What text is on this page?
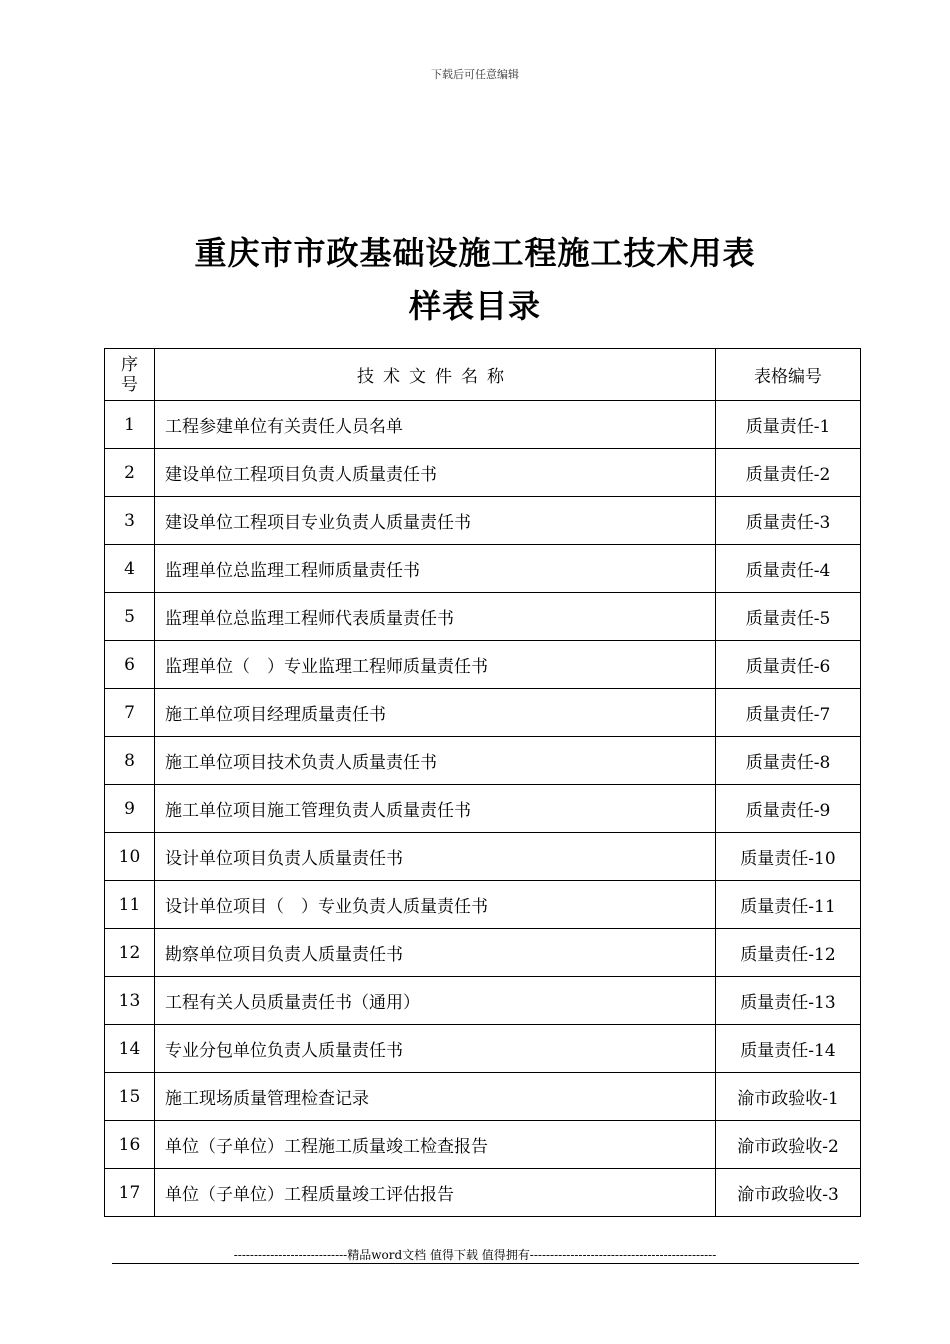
下载后可任意编辑
重庆市市政基础设施工程施工技术用表
样表目录
序
号	技术文件名称	表格编号
1	工程参建单位有关责任人员名单	质量责任-1
2	建设单位工程项目负责人质量责任书	质量责任-2
3	建设单位工程项目专业负责人质量责任书	质量责任-3
4	监理单位总监理工程师质量责任书	质量责任-4
5	监理单位总监理工程师代表质量责任书	质量责任-5
6	监理单位（　）专业监理工程师质量责任书	质量责任-6
7	施工单位项目经理质量责任书	质量责任-7
8	施工单位项目技术负责人质量责任书	质量责任-8
9	施工单位项目施工管理负责人质量责任书	质量责任-9
10	设计单位项目负责人质量责任书	质量责任-10
11	设计单位项目（　）专业负责人质量责任书	质量责任-11
12	勘察单位项目负责人质量责任书	质量责任-12
13	工程有关人员质量责任书（通用）	质量责任-13
14	专业分包单位负责人质量责任书	质量责任-14
15	施工现场质量管理检查记录	渝市政验收-1
16	单位（子单位）工程施工质量竣工检查报告	渝市政验收-2
17	单位（子单位）工程质量竣工评估报告	渝市政验收-3
----------------------------精品word文档 值得下载 值得拥有----------------------------------------------
